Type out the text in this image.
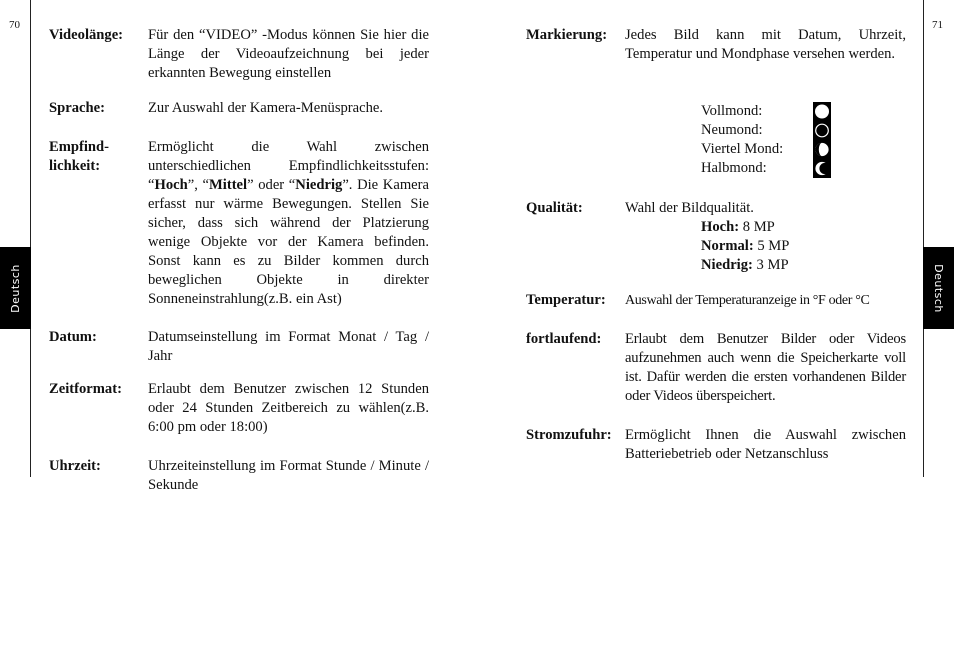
70	71
Deutsch	Deutsch
Videolänge: Für den “VIDEO” -Modus können Sie hier die Länge der Videoaufzeichnung bei jeder erkannten Bewegung einstellen
Sprache:	Zur Auswahl der Kamera-Menüsprache.
Empfind-
lichkeit:
Ermöglicht die Wahl zwischen unterschiedlichen Empfindlichkeitsstufen: “Hoch”, “Mittel” oder “Niedrig”. Die Kamera erfasst nur wärme Bewegungen. Stellen Sie sicher, dass sich während der Platzierung wenige Objekte vor der Kamera befinden. Sonst kann es zu Bilder kommen durch beweglichen Objekte in direkter Sonneneinstrahlung(z.B. ein Ast)
Datum:	Datumseinstellung im Format Monat / Tag / Jahr
Zeitformat: Erlaubt dem Benutzer zwischen 12 Stunden oder 24 Stunden Zeitbereich zu wählen(z.B. 6:00 pm oder 18:00)
Uhrzeit:	Uhrzeiteinstellung im Format Stunde / Minute / Sekunde
Markierung: Jedes Bild kann mit Datum, Uhrzeit, Temperatur und Mondphase versehen werden.
Vollmond:
Neumond:
Viertel Mond:
Halbmond:
Qualität:	Wahl der Bildqualität.
Hoch: 8 MP
Normal: 5 MP
Niedrig: 3 MP
Temperatur: Auswahl der Temperaturanzeige in °F oder °C
fortlaufend: Erlaubt dem Benutzer Bilder oder Videos aufzunehmen auch wenn die Speicherkarte voll ist. Dafür werden die ersten vorhandenen Bilder oder Videos überspeichert.
Stromzufuhr: Ermöglicht Ihnen die Auswahl zwischen Batteriebetrieb oder Netzanschluss
